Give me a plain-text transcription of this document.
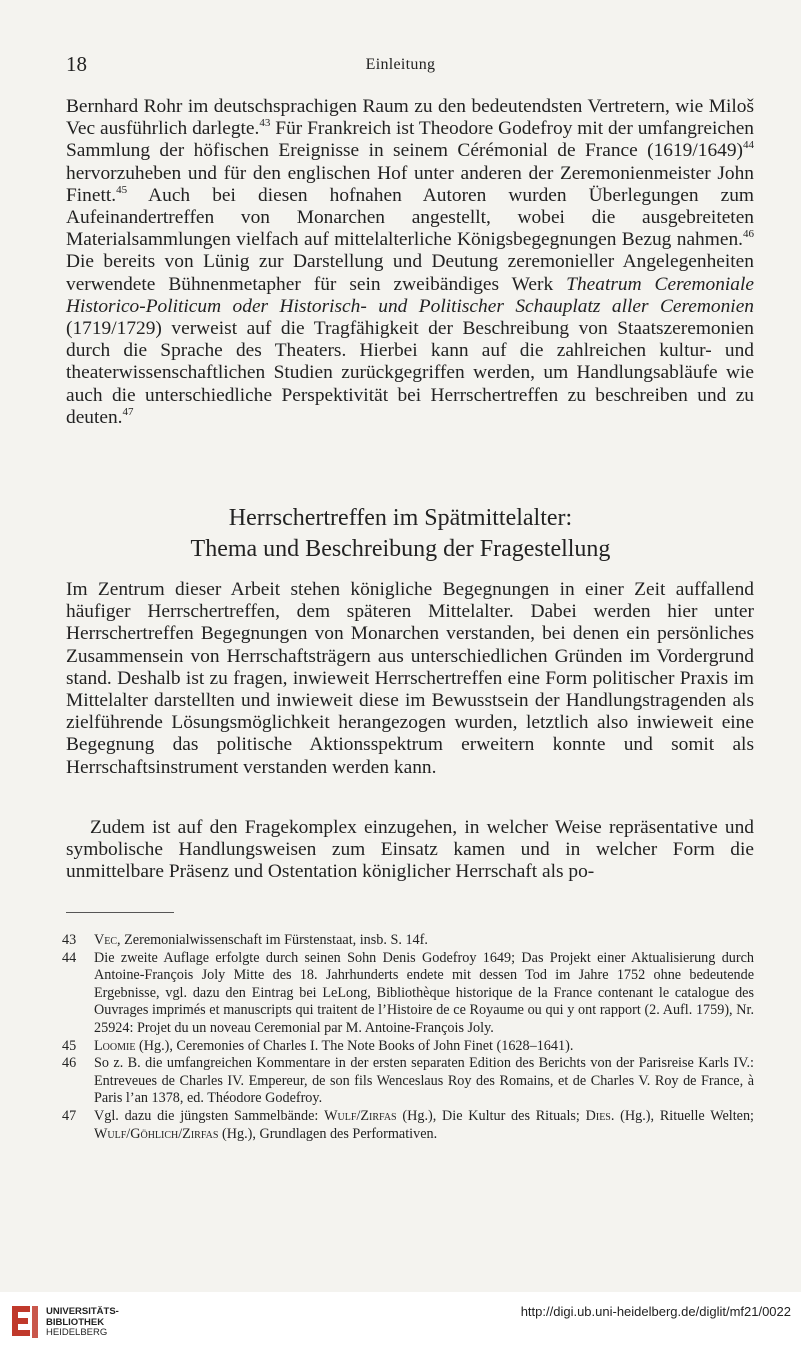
18	Einleitung
Bernhard Rohr im deutschsprachigen Raum zu den bedeutendsten Vertretern, wie Miloš Vec ausführlich darlegte.$^{43}$ Für Frankreich ist Theodore Godefroy mit der umfangreichen Sammlung der höfischen Ereignisse in seinem Cérémonial de France $(1619/1649)^{44}$ hervorzuheben und für den englischen Hof unter anderen der Zeremonienmeister John Finett.$^{45}$ Auch bei diesen hofnahen Autoren wurden Überlegungen zum Aufeinandertreffen von Monarchen angestellt, wobei die ausgebreiteten Materialsammlungen vielfach auf mittelalterliche Königsbegegnungen Bezug nahmen.$^{46}$ Die bereits von Lünig zur Darstellung und Deutung zeremonieller Angelegenheiten verwendete Bühnenmetapher für sein zweibändiges Werk Theatrum Ceremoniale Historico-Politicum oder Historisch- und Politischer Schauplatz aller Ceremonien (1719/1729) verweist auf die Tragfähigkeit der Beschreibung von Staatszeremonien durch die Sprache des Theaters. Hierbei kann auf die zahlreichen kultur- und theaterwissenschaftlichen Studien zurückgegriffen werden, um Handlungsabläufe wie auch die unterschiedliche Perspektivität bei Herrschertreffen zu beschreiben und zu deuten.$^{47}$
Herrschertreffen im Spätmittelalter:
Thema und Beschreibung der Fragestellung
Im Zentrum dieser Arbeit stehen königliche Begegnungen in einer Zeit auffallend häufiger Herrschertreffen, dem späteren Mittelalter. Dabei werden hier unter Herrschertreffen Begegnungen von Monarchen verstanden, bei denen ein persönliches Zusammensein von Herrschaftsträgern aus unterschiedlichen Gründen im Vordergrund stand. Deshalb ist zu fragen, inwieweit Herrschertreffen eine Form politischer Praxis im Mittelalter darstellten und inwieweit diese im Bewusstsein der Handlungstragenden als zielführende Lösungsmöglichkeit herangezogen wurden, letztlich also inwieweit eine Begegnung das politische Aktionsspektrum erweitern konnte und somit als Herrschaftsinstrument verstanden werden kann.
Zudem ist auf den Fragekomplex einzugehen, in welcher Weise repräsentative und symbolische Handlungsweisen zum Einsatz kamen und in welcher Form die unmittelbare Präsenz und Ostentation königlicher Herrschaft als po-
43 Vec, Zeremonialwissenschaft im Fürstenstaat, insb. S. 14f.
44 Die zweite Auflage erfolgte durch seinen Sohn Denis Godefroy 1649; Das Projekt einer Aktualisierung durch Antoine-François Joly Mitte des 18. Jahrhunderts endete mit dessen Tod im Jahre 1752 ohne bedeutende Ergebnisse, vgl. dazu den Eintrag bei LeLong, Bibliothèque historique de la France contenant le catalogue des Ouvrages imprimés et manuscripts qui traitent de l’Histoire de ce Royaume ou qui y ont rapport (2. Aufl. 1759), Nr. 25924: Projet du un noveau Ceremonial par M. Antoine-François Joly.
45 Loomie (Hg.), Ceremonies of Charles I. The Note Books of John Finet (1628–1641).
46 So z. B. die umfangreichen Kommentare in der ersten separaten Edition des Berichts von der Parisreise Karls IV.: Entreveues de Charles IV. Empereur, de son fils Wenceslaus Roy des Romains, et de Charles V. Roy de France, à Paris l’an 1378, ed. Théodore Godefroy.
47 Vgl. dazu die jüngsten Sammelbände: Wulf/Zirfas (Hg.), Die Kultur des Rituals; Dies. (Hg.), Rituelle Welten; Wulf/Göhlich/Zirfas (Hg.), Grundlagen des Performativen.
UNIVERSITÄTS-
BIBLIOTHEK
HEIDELBERG
http://digi.ub.uni-heidelberg.de/diglit/mf21/0022
